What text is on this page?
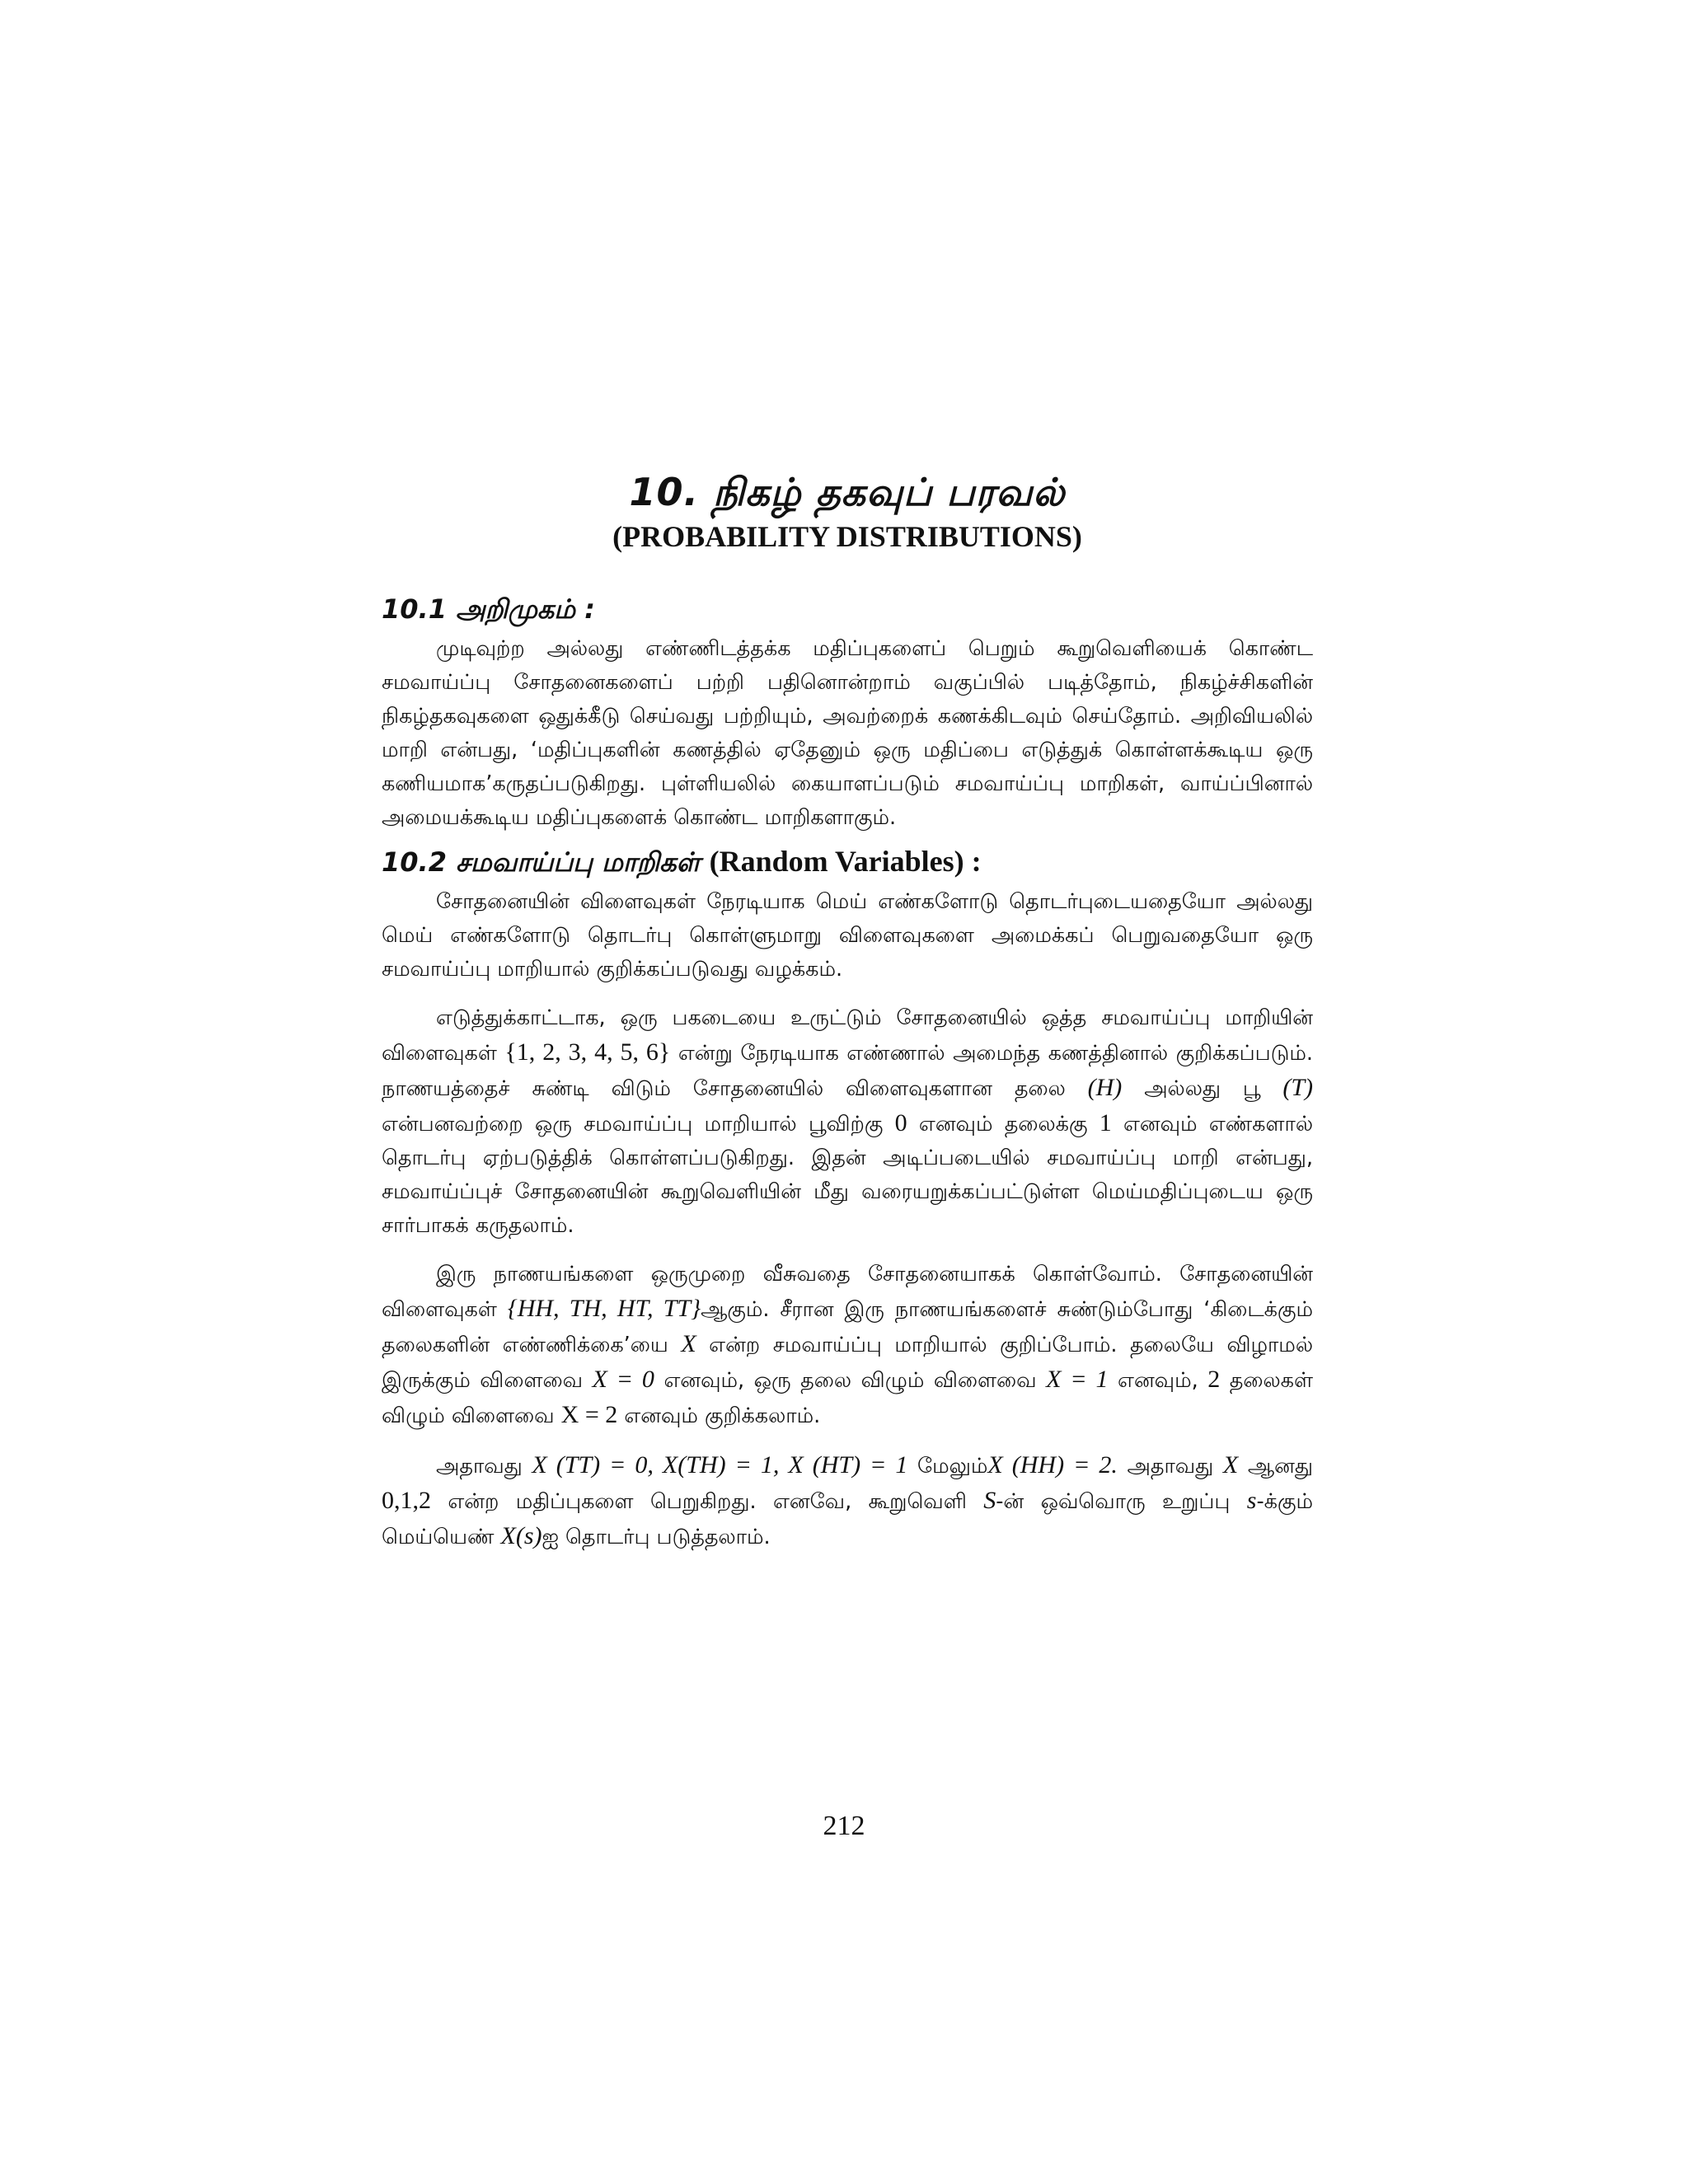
10. நிகழ் தகவுப் பரவல்
(PROBABILITY DISTRIBUTIONS)
10.1 அறிமுகம் :

முடிவுற்ற அல்லது எண்ணிடத்தக்க மதிப்புகளைப் பெறும் கூறுவெளியைக் கொண்ட சமவாய்ப்பு சோதனைகளைப் பற்றி பதினொன்றாம் வகுப்பில் படித்தோம், நிகழ்ச்சிகளின் நிகழ்தகவுகளை ஒதுக்கீடு செய்வது பற்றியும், அவற்றைக் கணக்கிடவும் செய்தோம். அறிவியலில் மாறி என்பது, ‘மதிப்புகளின் கணத்தில் ஏதேனும் ஒரு மதிப்பை எடுத்துக் கொள்ளக்கூடிய ஒரு கணியமாக’கருதப்படுகிறது. புள்ளியலில் கையாளப்படும் சமவாய்ப்பு மாறிகள், வாய்ப்பினால் அமையக்கூடிய மதிப்புகளைக் கொண்ட மாறிகளாகும்.

10.2 சமவாய்ப்பு மாறிகள் (Random Variables) :

சோதனையின் விளைவுகள் நேரடியாக மெய் எண்களோடு தொடர்புடையதையோ அல்லது மெய் எண்களோடு தொடர்பு கொள்ளுமாறு விளைவுகளை அமைக்கப் பெறுவதையோ ஒரு சமவாய்ப்பு மாறியால் குறிக்கப்படுவது வழக்கம்.

எடுத்துக்காட்டாக, ஒரு பகடையை உருட்டும் சோதனையில் ஒத்த சமவாய்ப்பு மாறியின் விளைவுகள் {1, 2, 3, 4, 5, 6} என்று நேரடியாக எண்ணால் அமைந்த கணத்தினால் குறிக்கப்படும். நாணயத்தைச் சுண்டி விடும் சோதனையில் விளைவுகளான தலை (H) அல்லது பூ (T) என்பனவற்றை ஒரு சமவாய்ப்பு மாறியால் பூவிற்கு 0 எனவும் தலைக்கு 1 எனவும் எண்களால் தொடர்பு ஏற்படுத்திக் கொள்ளப்படுகிறது. இதன் அடிப்படையில் சமவாய்ப்பு மாறி என்பது, சமவாய்ப்புச் சோதனையின் கூறுவெளியின் மீது வரையறுக்கப்பட்டுள்ள மெய்மதிப்புடைய ஒரு சார்பாகக் கருதலாம்.

இரு நாணயங்களை ஒருமுறை வீசுவதை சோதனையாகக் கொள்வோம். சோதனையின் விளைவுகள் {HH, TH, HT, TT}ஆகும். சீரான இரு நாணயங்களைச் சுண்டும்போது ‘கிடைக்கும் தலைகளின் எண்ணிக்கை’யை X என்ற சமவாய்ப்பு மாறியால் குறிப்போம். தலையே விழாமல் இருக்கும் விளைவை X = 0 எனவும், ஒரு தலை விழும் விளைவை X = 1 எனவும், 2 தலைகள் விழும் விளைவை X = 2 எனவும் குறிக்கலாம்.

அதாவது X (TT) = 0, X(TH) = 1, X (HT) = 1 மேலும்X (HH) = 2. அதாவது X ஆனது 0,1,2 என்ற மதிப்புகளை பெறுகிறது. எனவே, கூறுவெளி S-ன் ஒவ்வொரு உறுப்பு s-க்கும் மெய்யெண் X(s)ஐ தொடர்பு படுத்தலாம்.

212
